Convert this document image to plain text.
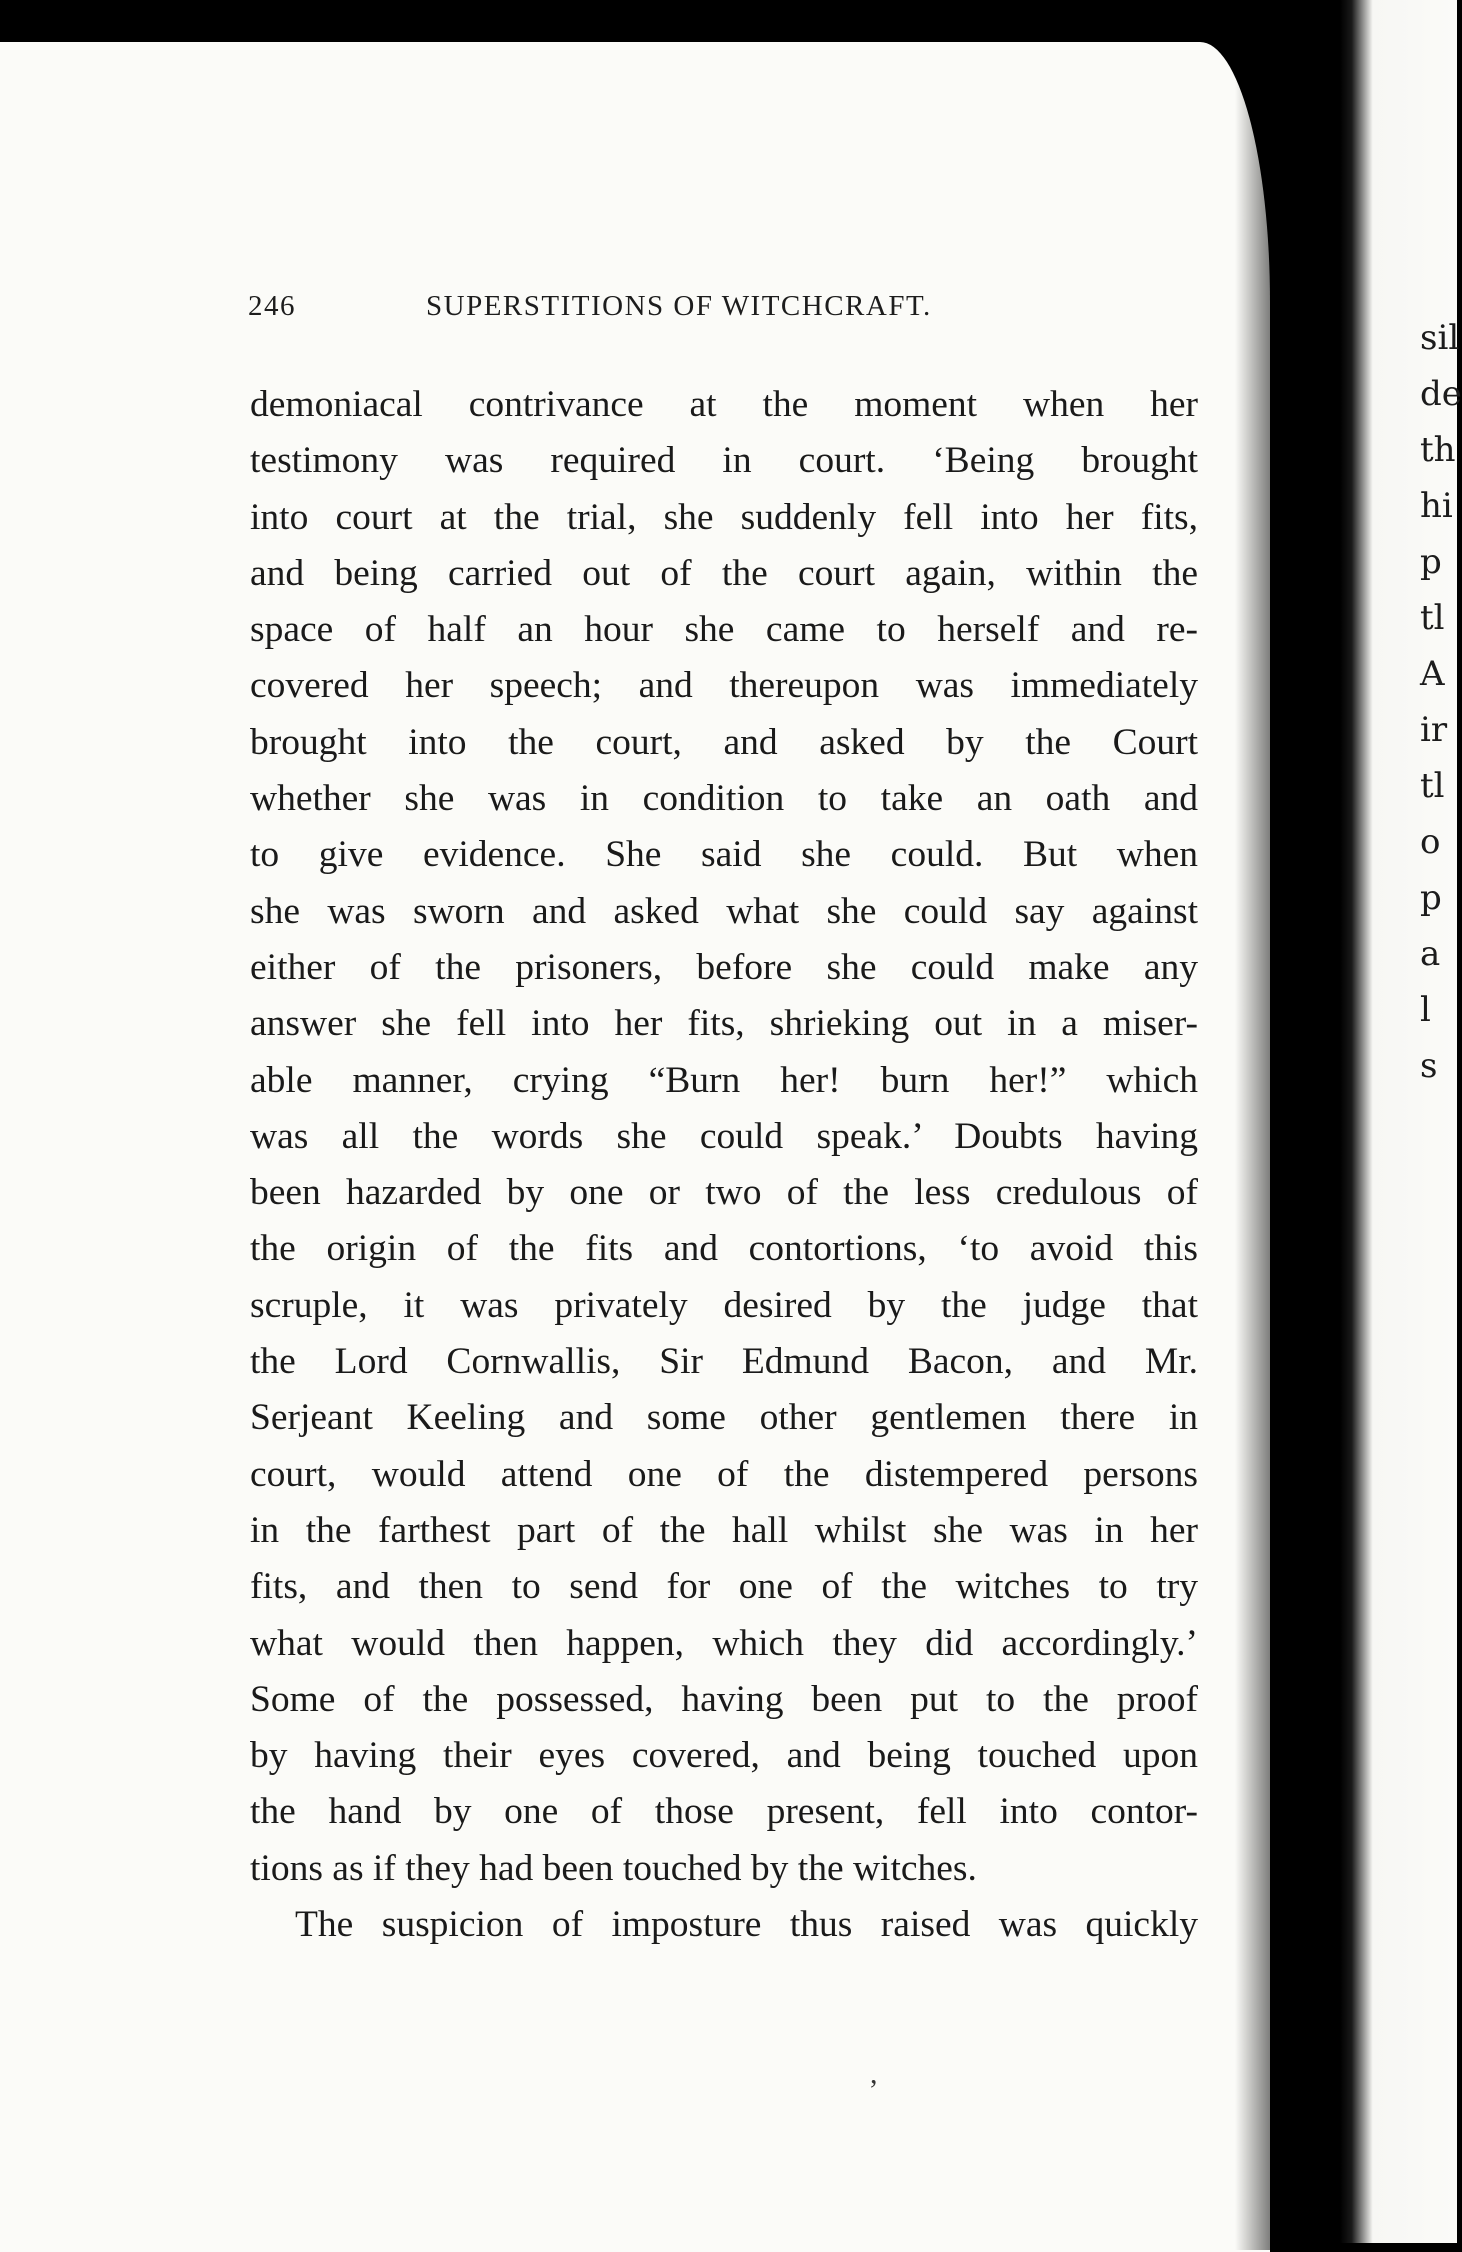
246	SUPERSTITIONS OF WITCHCRAFT.
demoniacal contrivance at the moment when her
testimony was required in court. ‘Being brought
into court at the trial, she suddenly fell into her fits,
and being carried out of the court again, within the
space of half an hour she came to herself and re-
covered her speech; and thereupon was immediately
brought into the court, and asked by the Court
whether she was in condition to take an oath and
to give evidence. She said she could. But when
she was sworn and asked what she could say against
either of the prisoners, before she could make any
answer she fell into her fits, shrieking out in a miser-
able manner, crying “Burn her! burn her!” which
was all the words she could speak.’ Doubts having
been hazarded by one or two of the less credulous of
the origin of the fits and contortions, ‘to avoid this
scruple, it was privately desired by the judge that
the Lord Cornwallis, Sir Edmund Bacon, and Mr.
Serjeant Keeling and some other gentlemen there in
court, would attend one of the distempered persons
in the farthest part of the hall whilst she was in her
fits, and then to send for one of the witches to try
what would then happen, which they did accordingly.’
Some of the possessed, having been put to the proof
by having their eyes covered, and being touched upon
the hand by one of those present, fell into contor-
tions as if they had been touched by the witches.
The suspicion of imposture thus raised was quickly
,
sil
de
th
hi
p
tl
A
ir
tl
o
p
a
l
s
